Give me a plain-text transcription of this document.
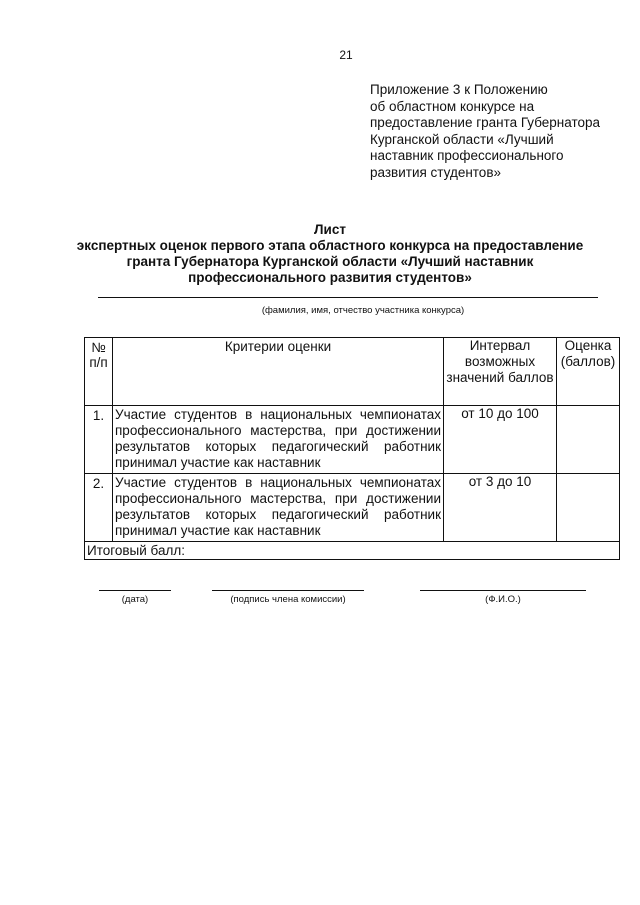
21
Приложение 3 к Положению
об областном конкурсе на
предоставление гранта Губернатора
Курганской области «Лучший
наставник профессионального
развития студентов»
Лист
экспертных оценок первого этапа областного конкурса на предоставление
гранта Губернатора Курганской области «Лучший наставник
профессионального развития студентов»
(фамилия, имя, отчество участника конкурса)
№ п/п	Критерии оценки	Интервал возможных значений баллов	Оценка (баллов)
1.	Участие студентов в национальных чемпионатах профессионального мастерства, при достижении результатов которых педагогический работник принимал участие как наставник	от 10 до 100	
2.	Участие студентов в национальных чемпионатах профессионального мастерства, при достижении результатов которых педагогический работник принимал участие как наставник	от 3 до 10	
Итоговый балл:			
(дата)	(подпись члена комиссии)	(Ф.И.О.)
